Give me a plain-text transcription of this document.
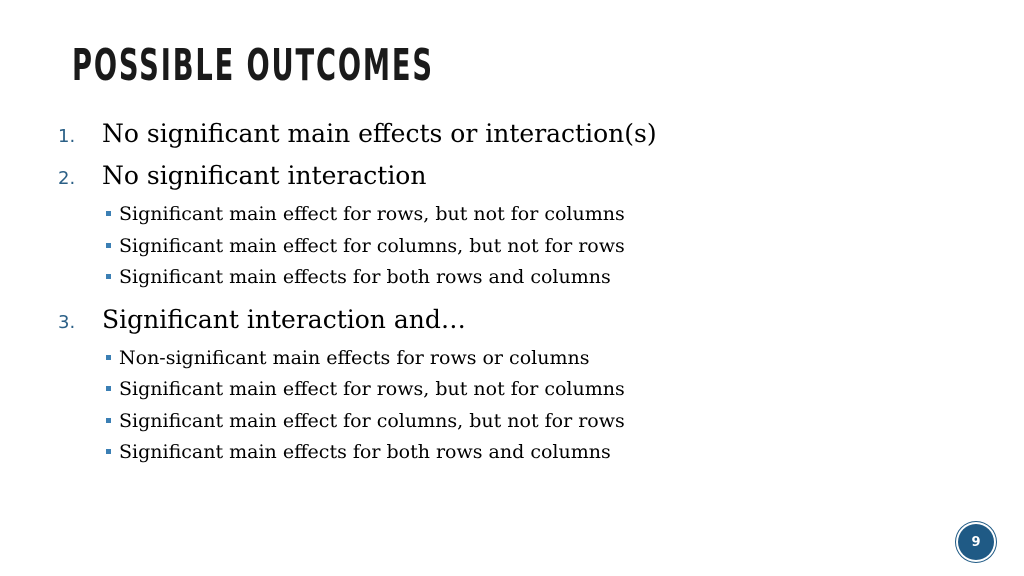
POSSIBLE OUTCOMES
1.	No significant main effects or interaction(s)
2.	No significant interaction
Significant main effect for rows, but not for columns
Significant main effect for columns, but not for rows
Significant main effects for both rows and columns
3.	Significant interaction and…
Non-significant main effects for rows or columns
Significant main effect for rows, but not for columns
Significant main effect for columns, but not for rows
Significant main effects for both rows and columns
9
